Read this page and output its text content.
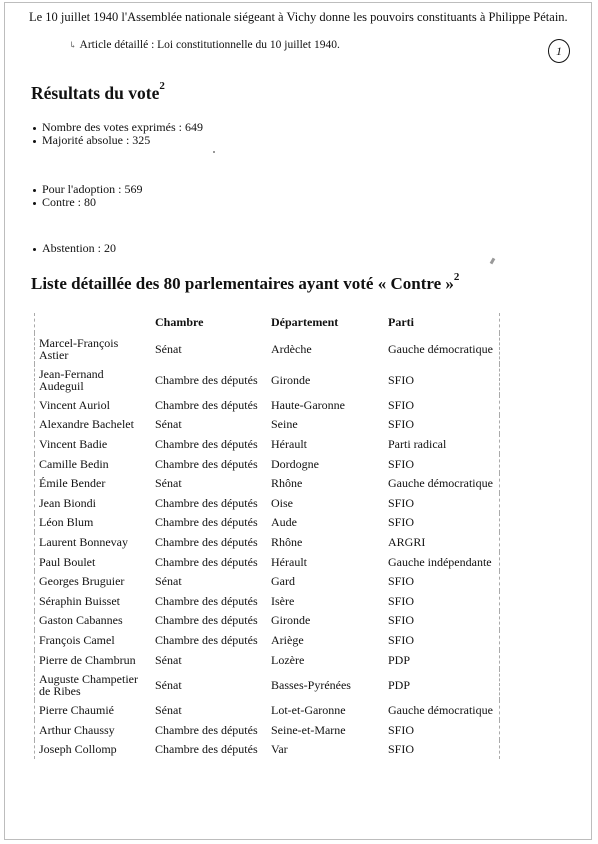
Le 10 juillet 1940 l'Assemblée nationale siégeant à Vichy donne les pouvoirs constituants à Philippe Pétain.
↳ Article détaillé : Loi constitutionnelle du 10 juillet 1940.	1
Résultats du vote$^2$
Nombre des votes exprimés : 649
Majorité absolue : 325
Pour l'adoption : 569
Contre : 80
Abstention : 20
Liste détaillée des 80 parlementaires ayant voté « Contre »$^2$
	Chambre	Département	Parti
Marcel-François Astier	Sénat	Ardèche	Gauche démocratique
Jean-Fernand Audeguil	Chambre des députés	Gironde	SFIO
Vincent Auriol	Chambre des députés	Haute-Garonne	SFIO
Alexandre Bachelet	Sénat	Seine	SFIO
Vincent Badie	Chambre des députés	Hérault	Parti radical
Camille Bedin	Chambre des députés	Dordogne	SFIO
Émile Bender	Sénat	Rhône	Gauche démocratique
Jean Biondi	Chambre des députés	Oise	SFIO
Léon Blum	Chambre des députés	Aude	SFIO
Laurent Bonnevay	Chambre des députés	Rhône	ARGRI
Paul Boulet	Chambre des députés	Hérault	Gauche indépendante
Georges Bruguier	Sénat	Gard	SFIO
Séraphin Buisset	Chambre des députés	Isère	SFIO
Gaston Cabannes	Chambre des députés	Gironde	SFIO
François Camel	Chambre des députés	Ariège	SFIO
Pierre de Chambrun	Sénat	Lozère	PDP
Auguste Champetier de Ribes	Sénat	Basses-Pyrénées	PDP
Pierre Chaumié	Sénat	Lot-et-Garonne	Gauche démocratique
Arthur Chaussy	Chambre des députés	Seine-et-Marne	SFIO
Joseph Collomp	Chambre des députés	Var	SFIO
